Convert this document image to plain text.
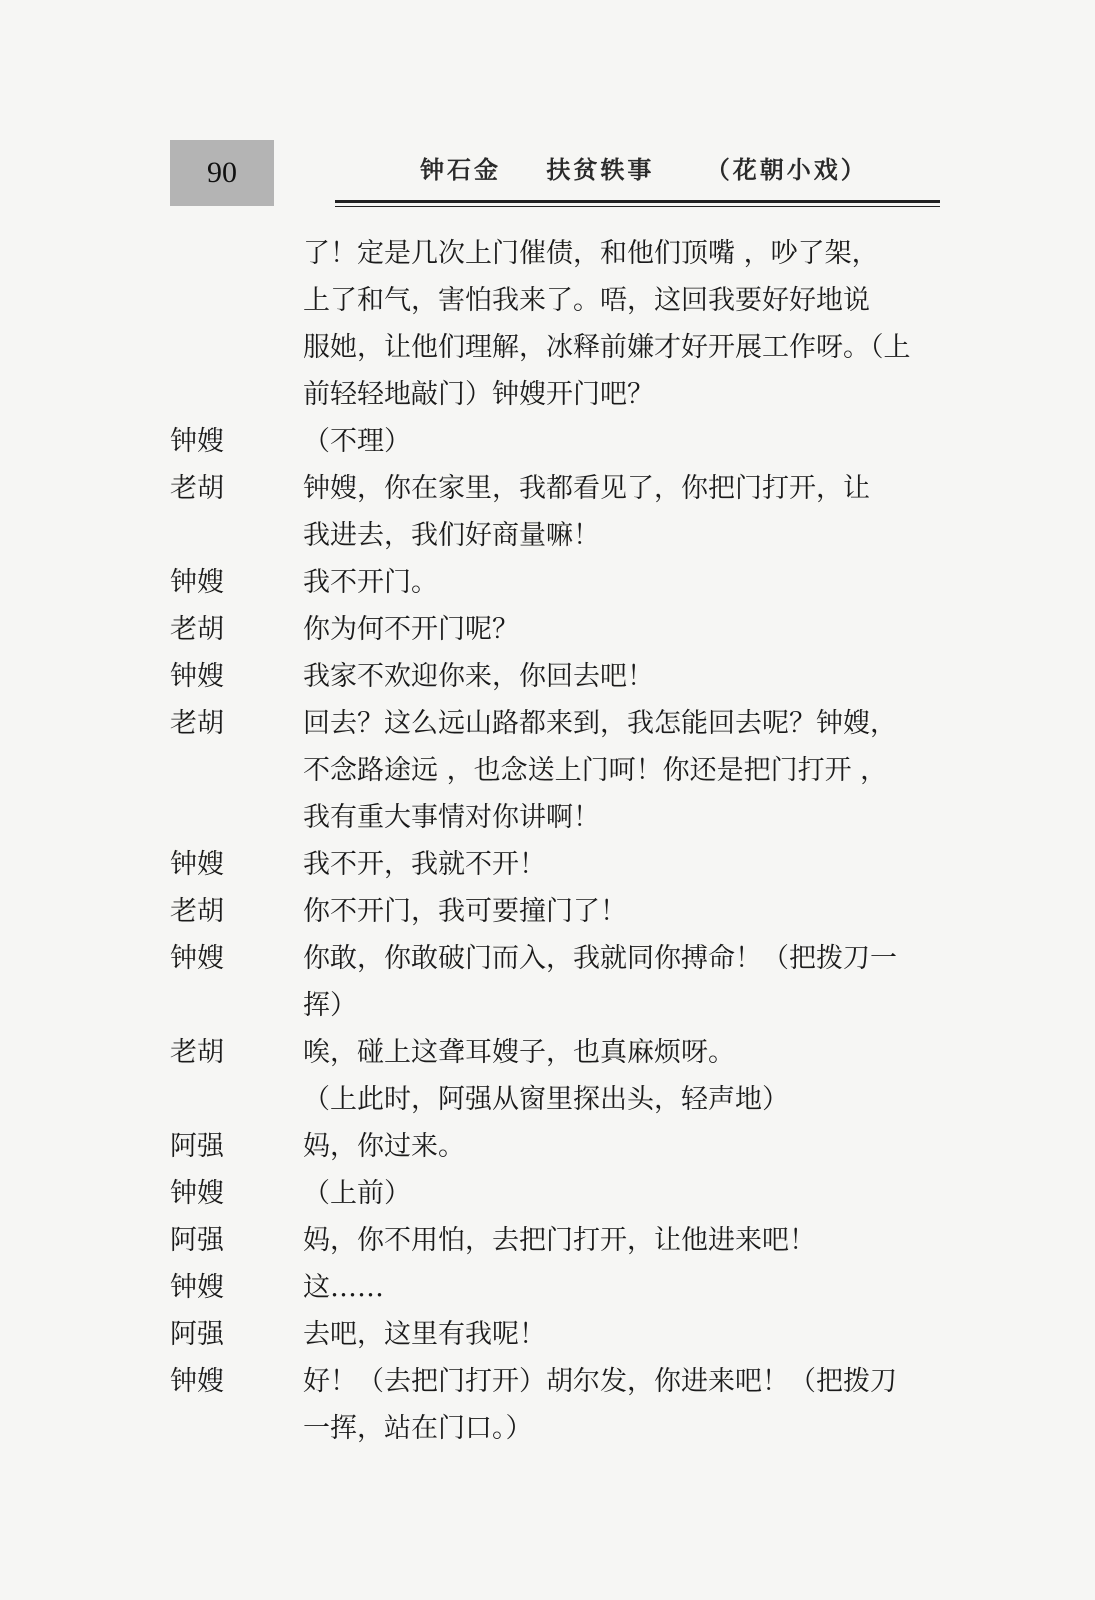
90	钟石金 扶贫轶事 （花朝小戏）
了！定是几次上门催债，和他们顶嘴 ，吵了架，
上了和气，害怕我来了。唔，这回我要好好地说
服她，让他们理解，冰释前嫌才好开展工作呀。（上
前轻轻地敲门）钟嫂开门吧？
钟嫂	（不理）
老胡	钟嫂，你在家里，我都看见了，你把门打开，让
我进去，我们好商量嘛！
钟嫂	我不开门。
老胡	你为何不开门呢？
钟嫂	我家不欢迎你来，你回去吧！
老胡	回去？这么远山路都来到，我怎能回去呢？钟嫂，
不念路途远 ，也念送上门呵！你还是把门打开 ，
我有重大事情对你讲啊！
钟嫂	我不开，我就不开！
老胡	你不开门，我可要撞门了！
钟嫂	你敢，你敢破门而入，我就同你搏命！（把拨刀一
挥）
老胡	唉，碰上这聋耳嫂子，也真麻烦呀。
（上此时，阿强从窗里探出头，轻声地）
阿强	妈，你过来。
钟嫂	（上前）
阿强	妈，你不用怕，去把门打开，让他进来吧！
钟嫂	这……
阿强	去吧，这里有我呢！
钟嫂	好！（去把门打开）胡尔发，你进来吧！（把拨刀
一挥，站在门口。）
